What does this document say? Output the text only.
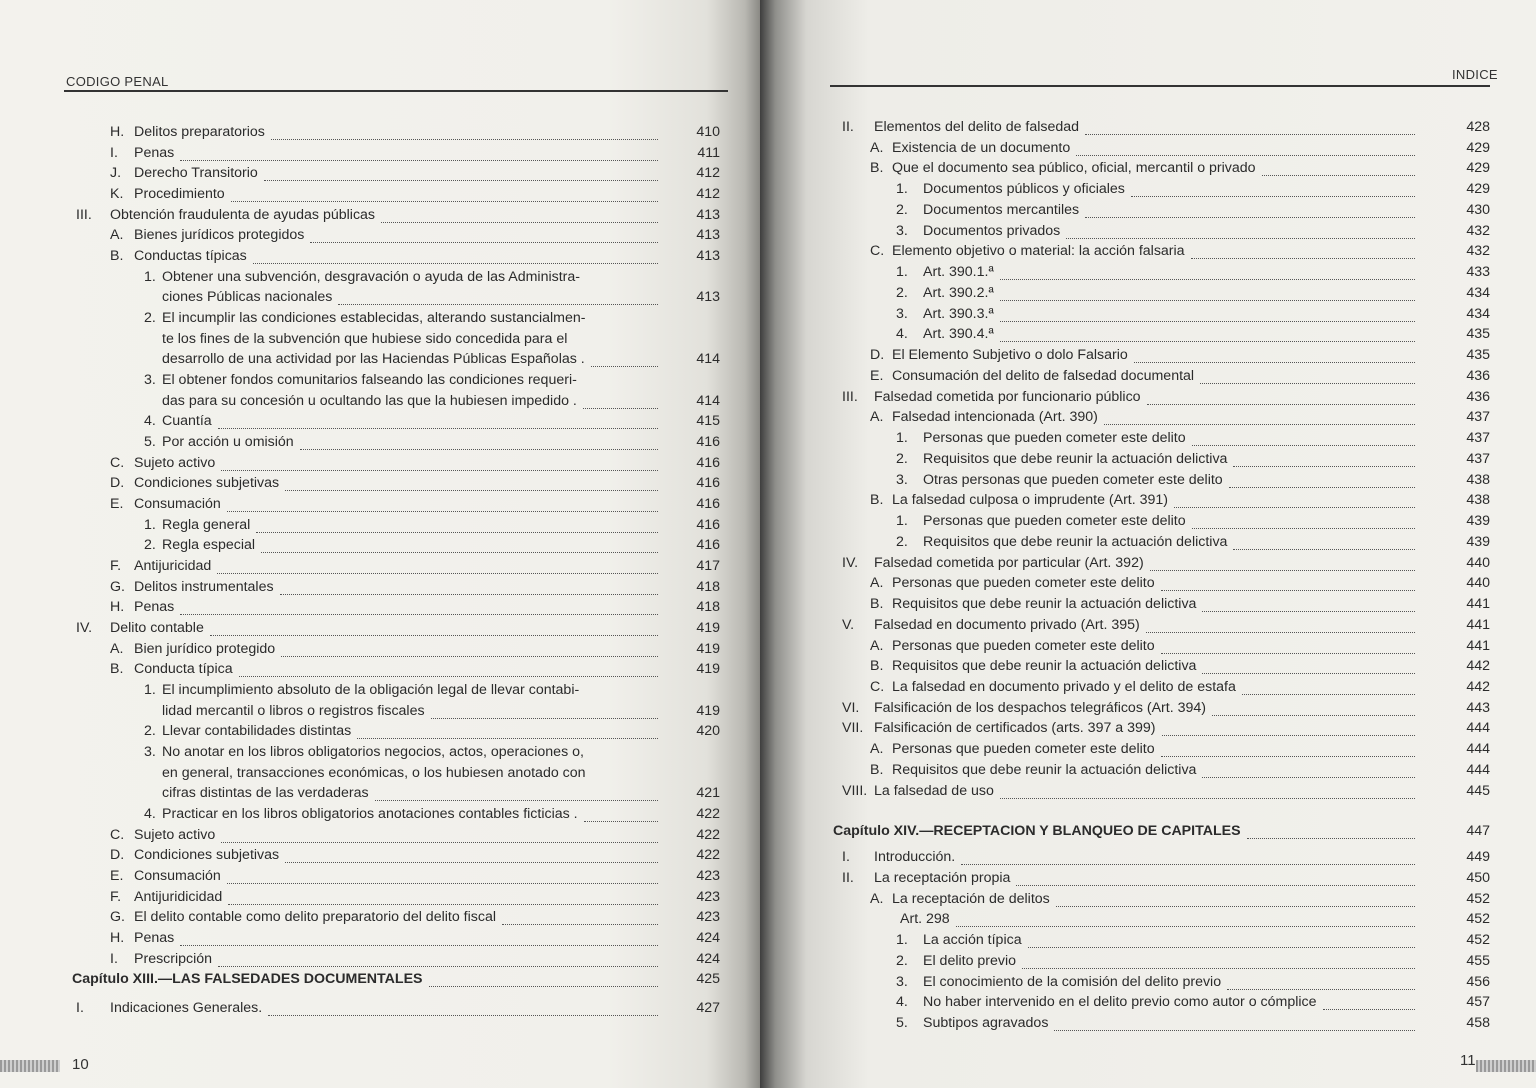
CODIGO PENAL
H. Delitos preparatorios	410
I. Penas	411
J. Derecho Transitorio	412
K. Procedimiento	412
III. Obtención fraudulenta de ayudas públicas	413
A. Bienes jurídicos protegidos	413
B. Conductas típicas	413
1. Obtener una subvención, desgravación o ayuda de las Administra-
ciones Públicas nacionales	413
2. El incumplir las condiciones establecidas, alterando sustancialmen-
te los fines de la subvención que hubiese sido concedida para el
desarrollo de una actividad por las Haciendas Públicas Españolas .	414
3. El obtener fondos comunitarios falseando las condiciones requeri-
das para su concesión u ocultando las que la hubiesen impedido .	414
4. Cuantía	415
5. Por acción u omisión	416
C. Sujeto activo	416
D. Condiciones subjetivas	416
E. Consumación	416
1. Regla general	416
2. Regla especial	416
F. Antijuricidad	417
G. Delitos instrumentales	418
H. Penas	418
IV. Delito contable	419
A. Bien jurídico protegido	419
B. Conducta típica	419
1. El incumplimiento absoluto de la obligación legal de llevar contabi-
lidad mercantil o libros o registros fiscales	419
2. Llevar contabilidades distintas	420
3. No anotar en los libros obligatorios negocios, actos, operaciones o,
en general, transacciones económicas, o los hubiesen anotado con
cifras distintas de las verdaderas	421
4. Practicar en los libros obligatorios anotaciones contables ficticias .	422
C. Sujeto activo	422
D. Condiciones subjetivas	422
E. Consumación	423
F. Antijuridicidad	423
G. El delito contable como delito preparatorio del delito fiscal	423
H. Penas	424
I. Prescripción	424
Capítulo XIII.—LAS FALSEDADES DOCUMENTALES	425
I. Indicaciones Generales.	427
10
INDICE
II. Elementos del delito de falsedad	428
A. Existencia de un documento	429
B. Que el documento sea público, oficial, mercantil o privado	429
1. Documentos públicos y oficiales	429
2. Documentos mercantiles	430
3. Documentos privados	432
C. Elemento objetivo o material: la acción falsaria	432
1. Art. 390.1.ª	433
2. Art. 390.2.ª	434
3. Art. 390.3.ª	434
4. Art. 390.4.ª	435
D. El Elemento Subjetivo o dolo Falsario	435
E. Consumación del delito de falsedad documental	436
III. Falsedad cometida por funcionario público	436
A. Falsedad intencionada (Art. 390)	437
1. Personas que pueden cometer este delito	437
2. Requisitos que debe reunir la actuación delictiva	437
3. Otras personas que pueden cometer este delito	438
B. La falsedad culposa o imprudente (Art. 391)	438
1. Personas que pueden cometer este delito	439
2. Requisitos que debe reunir la actuación delictiva	439
IV. Falsedad cometida por particular (Art. 392)	440
A. Personas que pueden cometer este delito	440
B. Requisitos que debe reunir la actuación delictiva	441
V. Falsedad en documento privado (Art. 395)	441
A. Personas que pueden cometer este delito	441
B. Requisitos que debe reunir la actuación delictiva	442
C. La falsedad en documento privado y el delito de estafa	442
VI. Falsificación de los despachos telegráficos (Art. 394)	443
VII. Falsificación de certificados (arts. 397 a 399)	444
A. Personas que pueden cometer este delito	444
B. Requisitos que debe reunir la actuación delictiva	444
VIII. La falsedad de uso	445
Capítulo XIV.—RECEPTACION Y BLANQUEO DE CAPITALES	447
I. Introducción.	449
II. La receptación propia	450
A. La receptación de delitos	452
Art. 298	452
1. La acción típica	452
2. El delito previo	455
3. El conocimiento de la comisión del delito previo	456
4. No haber intervenido en el delito previo como autor o cómplice	457
5. Subtipos agravados	458
11
